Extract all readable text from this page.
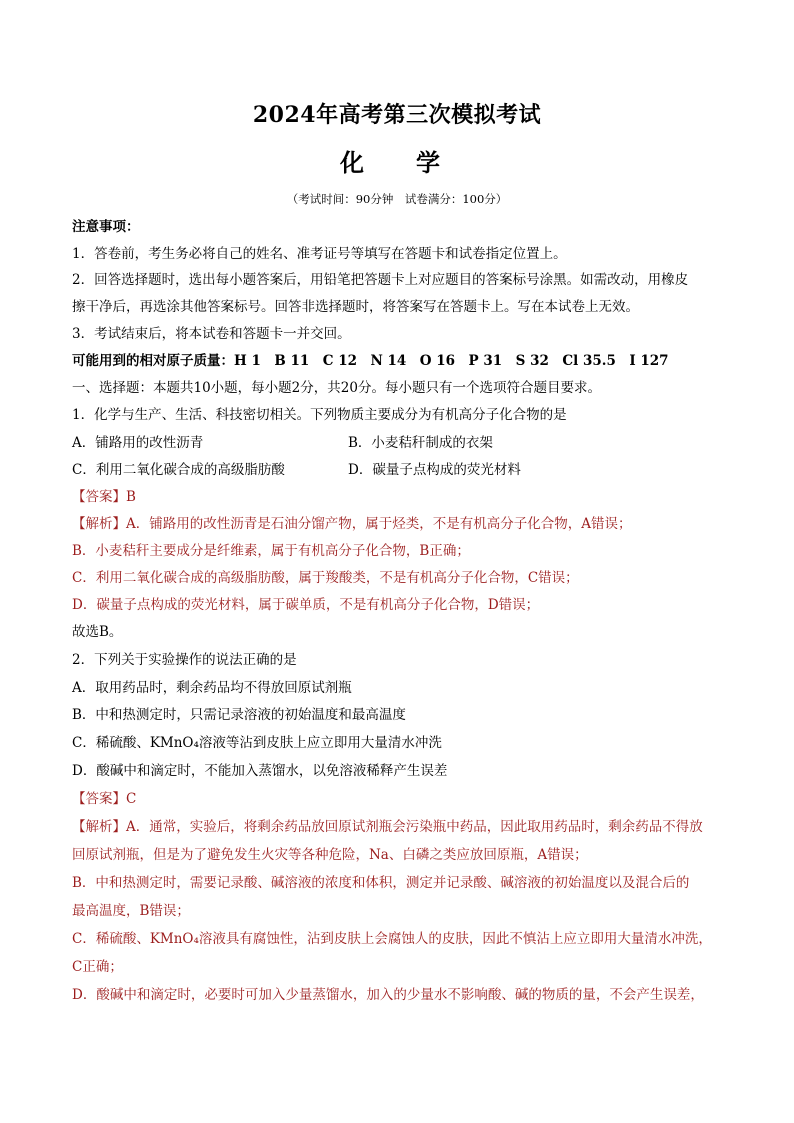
2024年高考第三次模拟考试
化　学
（考试时间：90分钟　试卷满分：100分）
注意事项：
1．答卷前，考生务必将自己的姓名、准考证号等填写在答题卡和试卷指定位置上。
2．回答选择题时，选出每小题答案后，用铅笔把答题卡上对应题目的答案标号涂黑。如需改动，用橡皮
擦干净后，再选涂其他答案标号。回答非选择题时，将答案写在答题卡上。写在本试卷上无效。
3．考试结束后，将本试卷和答题卡一并交回。
可能用到的相对原子质量：H 1　B 11　C 12　N 14　O 16　P 31　S 32　Cl 35.5　I 127
一、选择题：本题共10小题，每小题2分，共20分。每小题只有一个选项符合题目要求。
1．化学与生产、生活、科技密切相关。下列物质主要成分为有机高分子化合物的是
A．铺路用的改性沥青	B．小麦秸秆制成的衣架
C．利用二氧化碳合成的高级脂肪酸	D．碳量子点构成的荧光材料
【答案】B
【解析】A．铺路用的改性沥青是石油分馏产物，属于烃类，不是有机高分子化合物，A错误；
B．小麦秸秆主要成分是纤维素，属于有机高分子化合物，B正确；
C．利用二氧化碳合成的高级脂肪酸，属于羧酸类，不是有机高分子化合物，C错误；
D．碳量子点构成的荧光材料，属于碳单质，不是有机高分子化合物，D错误；
故选B。
2．下列关于实验操作的说法正确的是
A．取用药品时，剩余药品均不得放回原试剂瓶
B．中和热测定时，只需记录溶液的初始温度和最高温度
C．稀硫酸、KMnO₄溶液等沾到皮肤上应立即用大量清水冲洗
D．酸碱中和滴定时，不能加入蒸馏水，以免溶液稀释产生误差
【答案】C
【解析】A．通常，实验后，将剩余药品放回原试剂瓶会污染瓶中药品，因此取用药品时，剩余药品不得放
回原试剂瓶，但是为了避免发生火灾等各种危险，Na、白磷之类应放回原瓶，A错误；
B．中和热测定时，需要记录酸、碱溶液的浓度和体积，测定并记录酸、碱溶液的初始温度以及混合后的
最高温度，B错误；
C．稀硫酸、KMnO₄溶液具有腐蚀性，沾到皮肤上会腐蚀人的皮肤，因此不慎沾上应立即用大量清水冲洗，
C正确；
D．酸碱中和滴定时，必要时可加入少量蒸馏水，加入的少量水不影响酸、碱的物质的量，不会产生误差，
